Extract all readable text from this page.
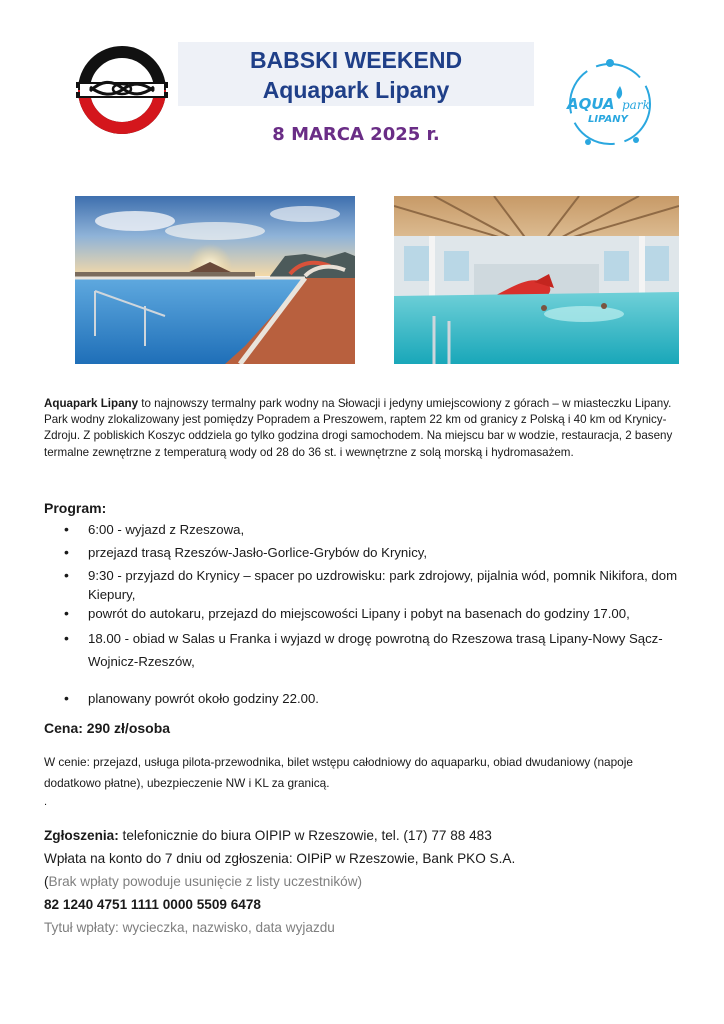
BABSKI WEEKEND
Aquapark Lipany
8 MARCA 2025 r.
AQUA park
LIPANY
Aquapark Lipany to najnowszy termalny park wodny na Słowacji i jedyny umiejscowiony z górach – w miasteczku Lipany. Park wodny zlokalizowany jest pomiędzy Popradem a Preszowem, raptem 22 km od granicy z Polską i 40 km od Krynicy-Zdroju. Z pobliskich Koszyc oddziela go tylko godzina drogi samochodem. Na miejscu bar w wodzie, restauracja, 2 baseny termalne zewnętrzne z temperaturą wody od 28 do 36 st. i wewnętrzne z solą morską i hydromasażem.
Program:
• 6:00 - wyjazd z Rzeszowa,
• przejazd trasą Rzeszów-Jasło-Gorlice-Grybów do Krynicy,
• 9:30 - przyjazd do Krynicy – spacer po uzdrowisku: park zdrojowy, pijalnia wód, pomnik Nikifora, dom Kiepury,
• powrót do autokaru, przejazd do miejscowości Lipany i pobyt na basenach do godziny 17.00,
• 18.00 - obiad w Salas u Franka i wyjazd w drogę powrotną do Rzeszowa trasą Lipany-Nowy Sącz-Wojnicz-Rzeszów,
• planowany powrót około godziny 22.00.
Cena: 290 zł/osoba
W cenie: przejazd, usługa pilota-przewodnika, bilet wstępu całodniowy do aquaparku, obiad dwudaniowy (napoje dodatkowo płatne), ubezpieczenie NW i KL za granicą.
.
Zgłoszenia: telefonicznie do biura OIPIP w Rzeszowie, tel. (17) 77 88 483
Wpłata na konto do 7 dniu od zgłoszenia: OIPiP w Rzeszowie, Bank PKO S.A.
(Brak wpłaty powoduje usunięcie z listy uczestników)
82 1240 4751 1111 0000 5509 6478
Tytuł wpłaty: wycieczka, nazwisko, data wyjazdu
